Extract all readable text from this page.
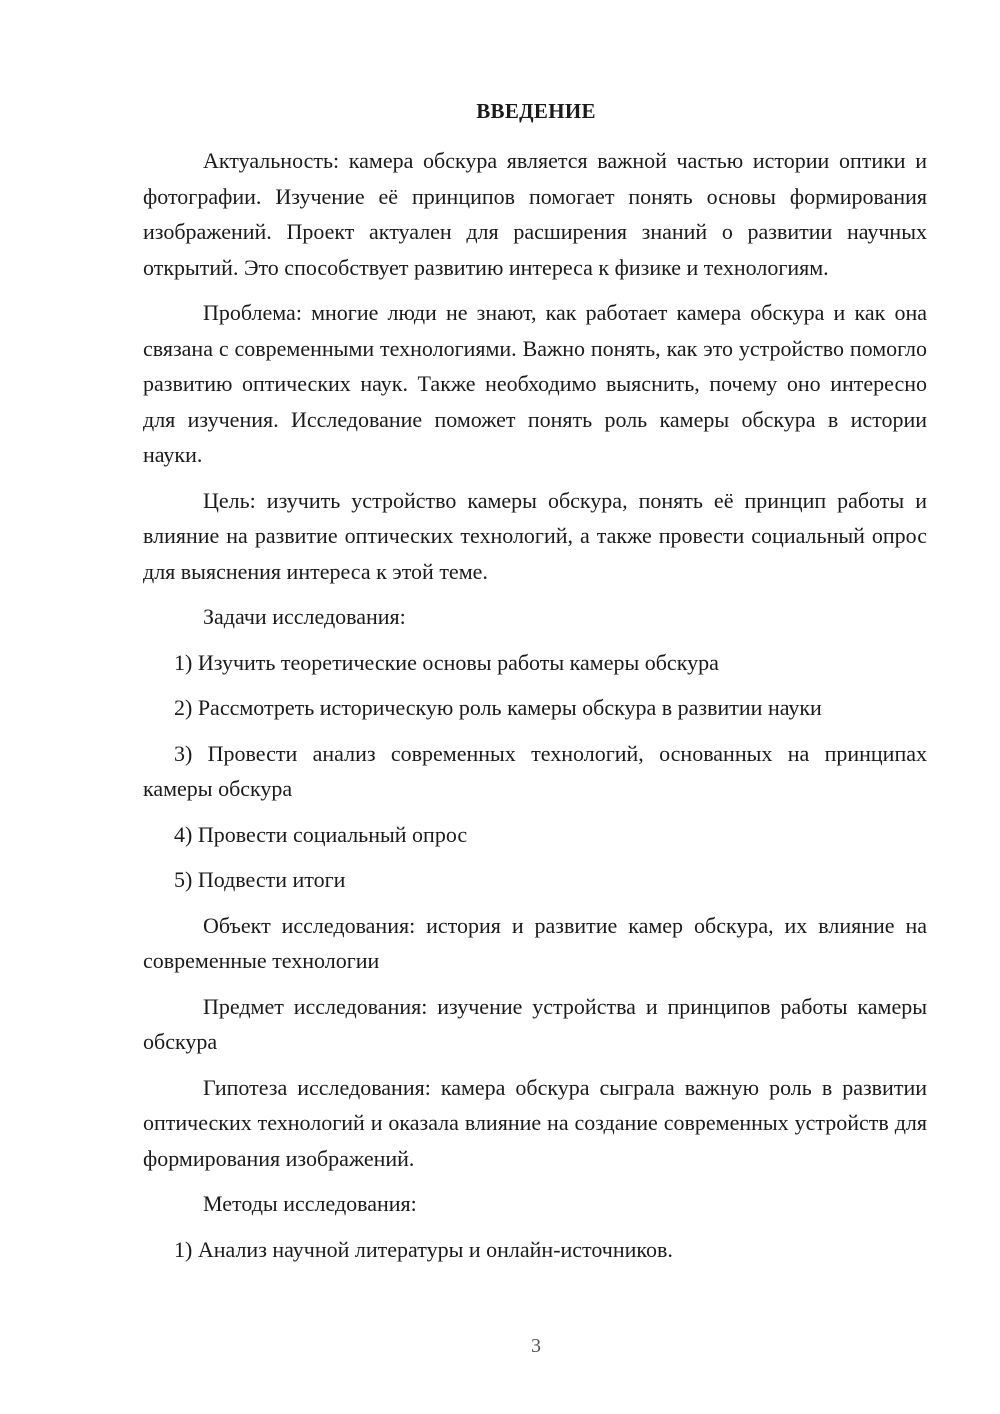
ВВЕДЕНИЕ

Актуальность: камера обскура является важной частью истории оптики и фотографии. Изучение её принципов помогает понять основы формирования изображений. Проект актуален для расширения знаний о развитии научных открытий. Это способствует развитию интереса к физике и технологиям.

Проблема: многие люди не знают, как работает камера обскура и как она связана с современными технологиями. Важно понять, как это устройство помогло развитию оптических наук. Также необходимо выяснить, почему оно интересно для изучения. Исследование поможет понять роль камеры обскура в истории науки.

Цель: изучить устройство камеры обскура, понять её принцип работы и влияние на развитие оптических технологий, а также провести социальный опрос для выяснения интереса к этой теме.

Задачи исследования:

1) Изучить теоретические основы работы камеры обскура

2) Рассмотреть историческую роль камеры обскура в развитии науки

3) Провести анализ современных технологий, основанных на принципах камеры обскура

4) Провести социальный опрос

5) Подвести итоги

Объект исследования: история и развитие камер обскура, их влияние на современные технологии

Предмет исследования: изучение устройства и принципов работы камеры обскура

Гипотеза исследования: камера обскура сыграла важную роль в развитии оптических технологий и оказала влияние на создание современных устройств для формирования изображений.

Методы исследования:

1) Анализ научной литературы и онлайн-источников.

3
